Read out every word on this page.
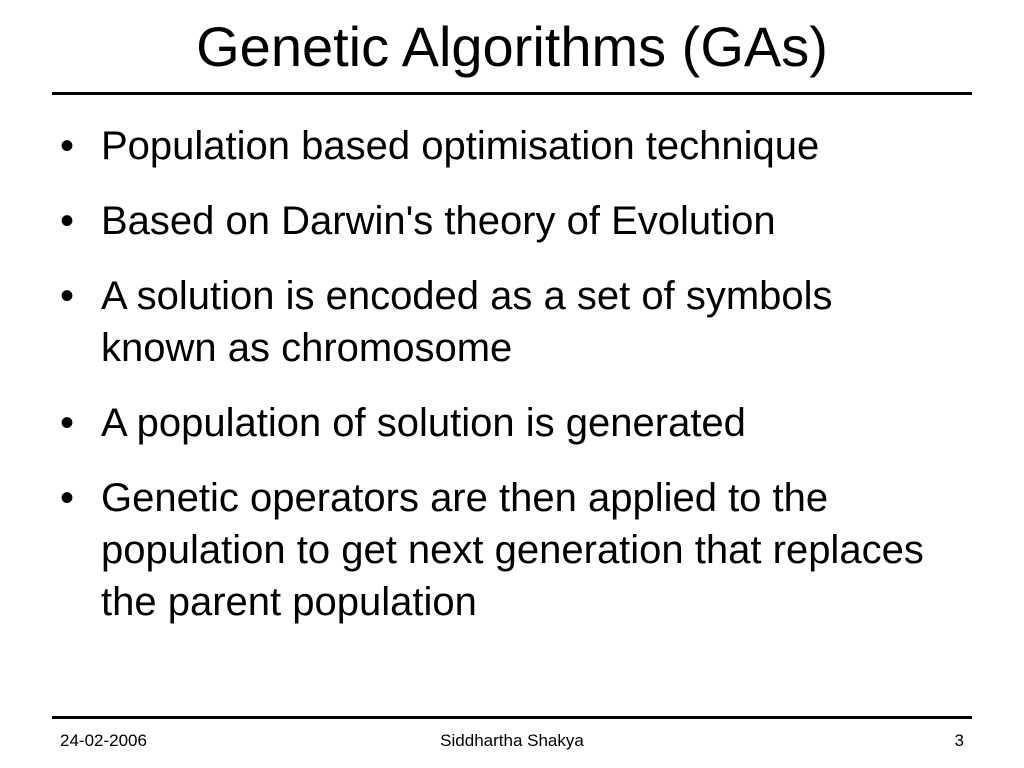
Genetic Algorithms (GAs)
• Population based optimisation technique
• Based on Darwin's theory of Evolution
• A solution is encoded as a set of symbols known as chromosome
• A population of solution is generated
• Genetic operators are then applied to the population to get next generation that replaces the parent population
24-02-2006	Siddhartha Shakya	3
